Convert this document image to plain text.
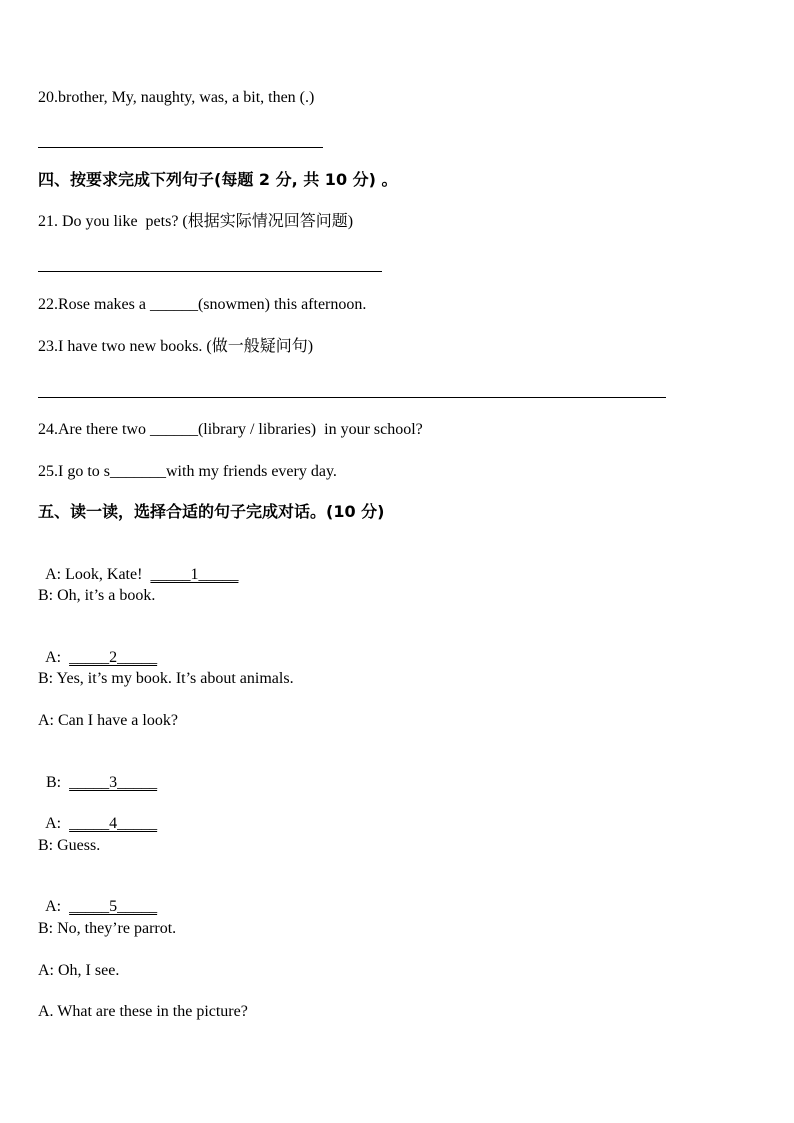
20.brother, My, naughty, was, a bit, then (.)
四、按要求完成下列句子(每题 2 分, 共 10 分) 。
21. Do you like  pets? (根据实际情况回答问题)
22.Rose makes a ______(snowmen) this afternoon.
23.I have two new books. (做一般疑问句)
24.Are there two ______(library / libraries)  in your school?
25.I go to s_______with my friends every day.
五、读一读，选择合适的句子完成对话。(10 分)

A: Look, Kate!  _____1_____

B: Oh, it’s a book.

A:  _____2_____

B: Yes, it’s my book. It’s about animals.
A: Can I have a look?

B:  _____3_____

A:  _____4_____

B: Guess.

A:  _____5_____

B: No, they’re parrot.
A: Oh, I see.
A. What are these in the picture?
